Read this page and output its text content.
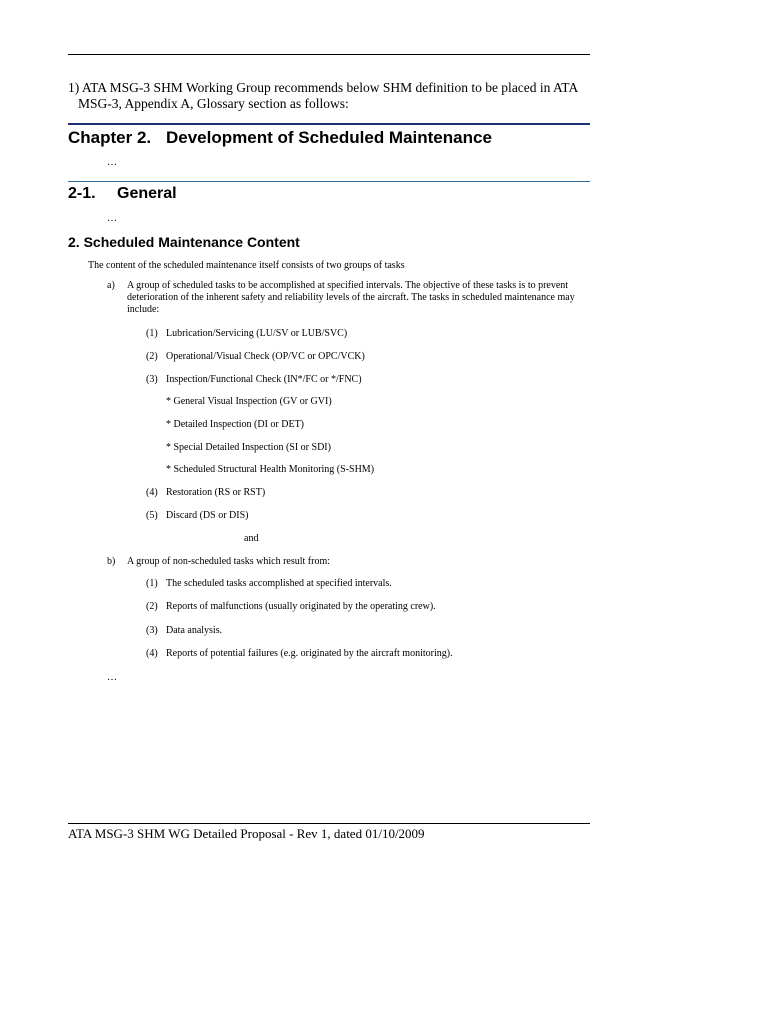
1) ATA MSG-3 SHM Working Group recommends below SHM definition to be placed in ATA
MSG-3, Appendix A, Glossary section as follows:
Chapter 2. Development of Scheduled Maintenance
…
2-1. General
…
2. Scheduled Maintenance Content
The content of the scheduled maintenance itself consists of two groups of tasks
a) A group of scheduled tasks to be accomplished at specified intervals. The objective of these tasks is to prevent deterioration of the inherent safety and reliability levels of the aircraft. The tasks in scheduled maintenance may include:
(1) Lubrication/Servicing (LU/SV or LUB/SVC)
(2) Operational/Visual Check (OP/VC or OPC/VCK)
(3) Inspection/Functional Check (IN*/FC or */FNC)
* General Visual Inspection (GV or GVI)
* Detailed Inspection (DI or DET)
* Special Detailed Inspection (SI or SDI)
* Scheduled Structural Health Monitoring (S-SHM)
(4) Restoration (RS or RST)
(5) Discard (DS or DIS)
and
b) A group of non-scheduled tasks which result from:
(1) The scheduled tasks accomplished at specified intervals.
(2) Reports of malfunctions (usually originated by the operating crew).
(3) Data analysis.
(4) Reports of potential failures (e.g. originated by the aircraft monitoring).
…
ATA MSG-3 SHM WG Detailed Proposal - Rev 1, dated 01/10/2009
